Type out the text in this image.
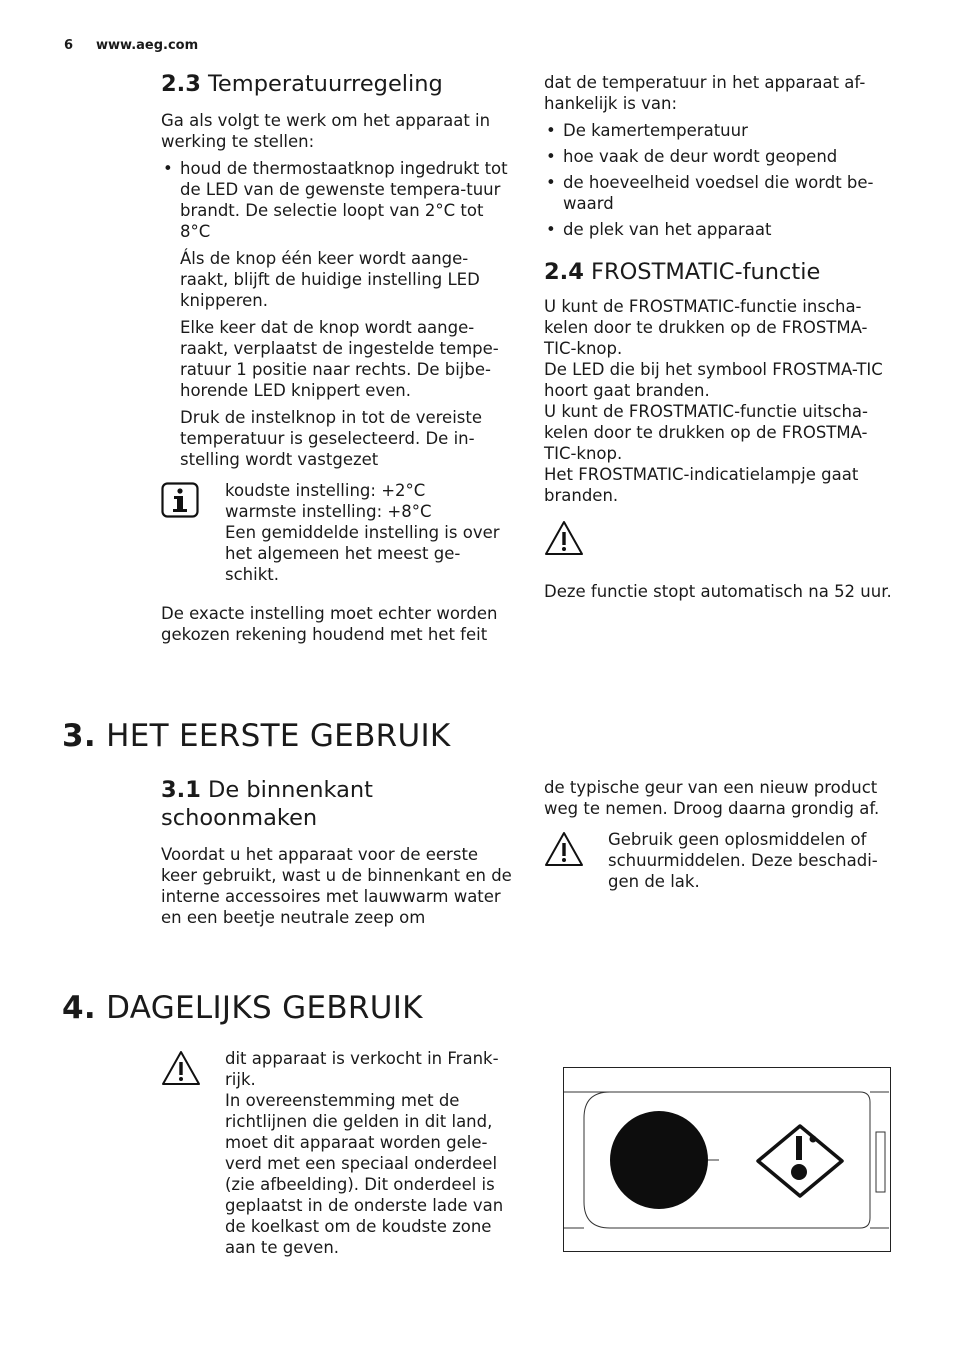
6 www.aeg.com
2.3 Temperatuurregeling

Ga als volgt te werk om het apparaat in werking te stellen:

• houd de thermostaatknop ingedrukt tot de LED van de gewenste tempera-tuur brandt. De selectie loopt van 2°C tot 8°C

Áls de knop één keer wordt aange-raakt, blijft de huidige instelling LED knipperen.

Elke keer dat de knop wordt aange-raakt, verplaatst de ingestelde tempe-ratuur 1 positie naar rechts. De bijbe-horende LED knippert even.

Druk de instelknop in tot de vereiste temperatuur is geselecteerd. De in-stelling wordt vastgezet

koudste instelling: +2°C
warmste instelling: +8°C
Een gemiddelde instelling is over het algemeen het meest ge-schikt.

De exacte instelling moet echter worden gekozen rekening houdend met het feit

dat de temperatuur in het apparaat af-hankelijk is van:

• De kamertemperatuur
• hoe vaak de deur wordt geopend
• de hoeveelheid voedsel die wordt be-waard
• de plek van het apparaat
2.4 FROSTMATIC-functie
U kunt de FROSTMATIC-functie inscha-kelen door te drukken op de FROSTMA-TIC-knop.
De LED die bij het symbool FROSTMA-TIC hoort gaat branden.
U kunt de FROSTMATIC-functie uitscha-kelen door te drukken op de FROSTMA-TIC-knop.
Het FROSTMATIC-indicatielampje gaat branden.
Deze functie stopt automatisch na 52 uur.
3. HET EERSTE GEBRUIK
3.1 De binnenkant
schoonmaken

Voordat u het apparaat voor de eerste keer gebruikt, wast u de binnenkant en de interne accessoires met lauwwarm water en een beetje neutrale zeep om

de typische geur van een nieuw product weg te nemen. Droog daarna grondig af.

Gebruik geen oplosmiddelen of schuurmiddelen. Deze beschadi-gen de lak.
4. DAGELIJKS GEBRUIK
dit apparaat is verkocht in Frank-rijk.
In overeenstemming met de richtlijnen die gelden in dit land, moet dit apparaat worden gele-verd met een speciaal onderdeel (zie afbeelding). Dit onderdeel is geplaatst in de onderste lade van de koelkast om de koudste zone aan te geven.
